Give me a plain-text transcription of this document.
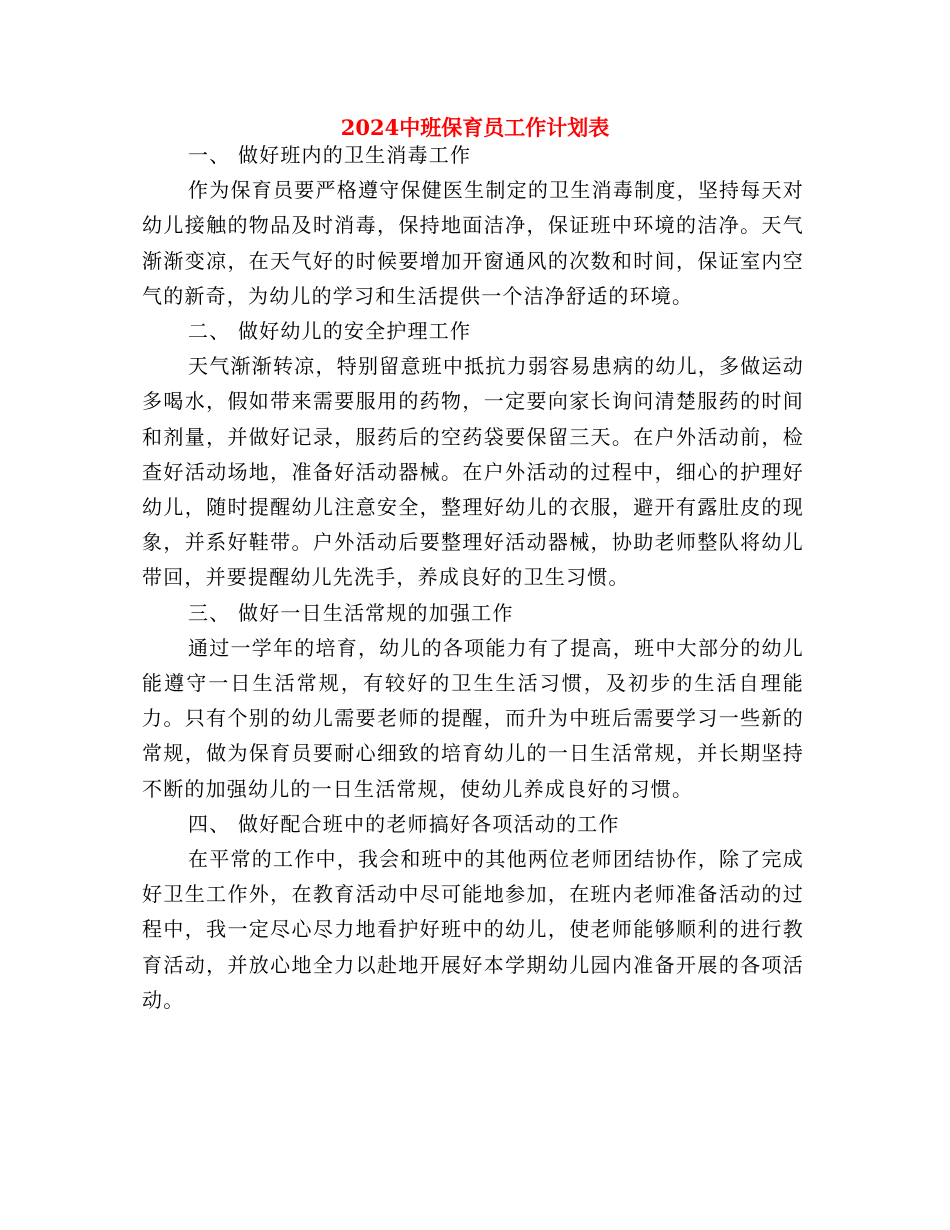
2024中班保育员工作计划表
一、 做好班内的卫生消毒工作

作为保育员要严格遵守保健医生制定的卫生消毒制度，坚持每天对幼儿接触的物品及时消毒，保持地面洁净，保证班中环境的洁净。天气渐渐变凉，在天气好的时候要增加开窗通风的次数和时间，保证室内空气的新奇，为幼儿的学习和生活提供一个洁净舒适的环境。

二、 做好幼儿的安全护理工作

天气渐渐转凉，特别留意班中抵抗力弱容易患病的幼儿，多做运动多喝水，假如带来需要服用的药物，一定要向家长询问清楚服药的时间和剂量，并做好记录，服药后的空药袋要保留三天。在户外活动前，检查好活动场地，准备好活动器械。在户外活动的过程中，细心的护理好幼儿，随时提醒幼儿注意安全，整理好幼儿的衣服，避开有露肚皮的现象，并系好鞋带。户外活动后要整理好活动器械，协助老师整队将幼儿带回，并要提醒幼儿先洗手，养成良好的卫生习惯。

三、 做好一日生活常规的加强工作

通过一学年的培育，幼儿的各项能力有了提高，班中大部分的幼儿能遵守一日生活常规，有较好的卫生生活习惯，及初步的生活自理能力。只有个别的幼儿需要老师的提醒，而升为中班后需要学习一些新的常规，做为保育员要耐心细致的培育幼儿的一日生活常规，并长期坚持不断的加强幼儿的一日生活常规，使幼儿养成良好的习惯。

四、 做好配合班中的老师搞好各项活动的工作

在平常的工作中，我会和班中的其他两位老师团结协作，除了完成好卫生工作外，在教育活动中尽可能地参加，在班内老师准备活动的过程中，我一定尽心尽力地看护好班中的幼儿，使老师能够顺利的进行教育活动，并放心地全力以赴地开展好本学期幼儿园内准备开展的各项活动。
